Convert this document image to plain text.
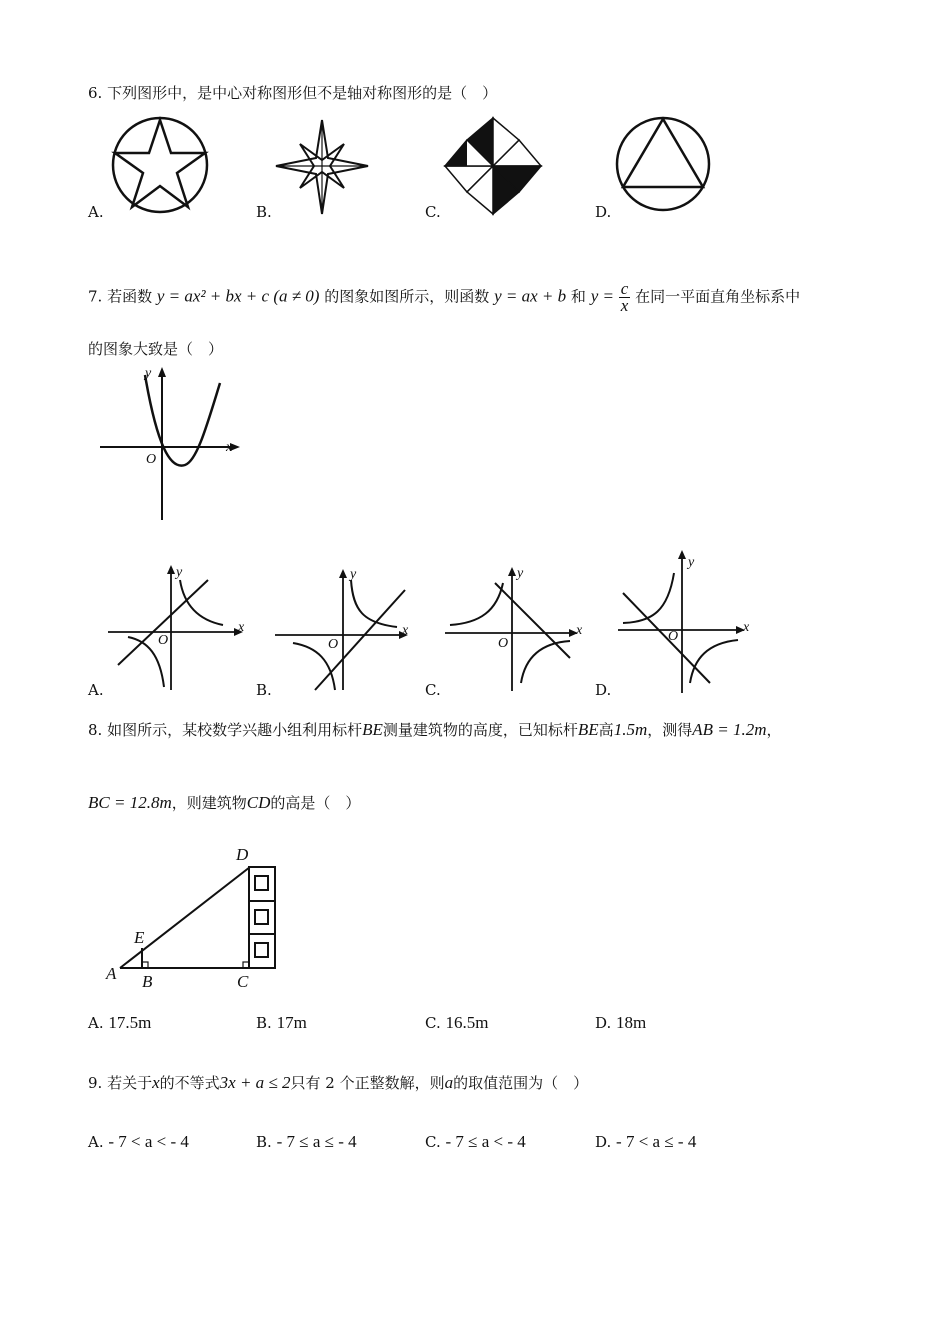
6. 下列图形中，是中心对称图形但不是轴对称图形的是（　）
A.	B.	C.	D.
7. 若函数 y = ax² + bx + c (a ≠ 0) 的图象如图所示，则函数 y = ax + b 和 $y = \frac{c}{x}$ 在同一平面直角坐标系中
的图象大致是（　）
y
x
O
y
O
x
A.
y
O
x
B.
y
O
x
C.
y
O
x
D.
8. 如图所示，某校数学兴趣小组利用标杆BE测量建筑物的高度，已知标杆BE高1.5m，测得AB = 1.2m，
BC = 12.8m，则建筑物CD的高是（　）
A B	C
D
E
A. 17.5m	B. 17m	C. 16.5m	D. 18m
9. 若关于x的不等式3x + a ≤ 2只有 2 个正整数解，则a的取值范围为（　）
A. - 7 < a < - 4	B. - 7 ≤ a ≤ - 4	C. - 7 ≤ a < - 4	D. - 7 < a ≤ - 4
